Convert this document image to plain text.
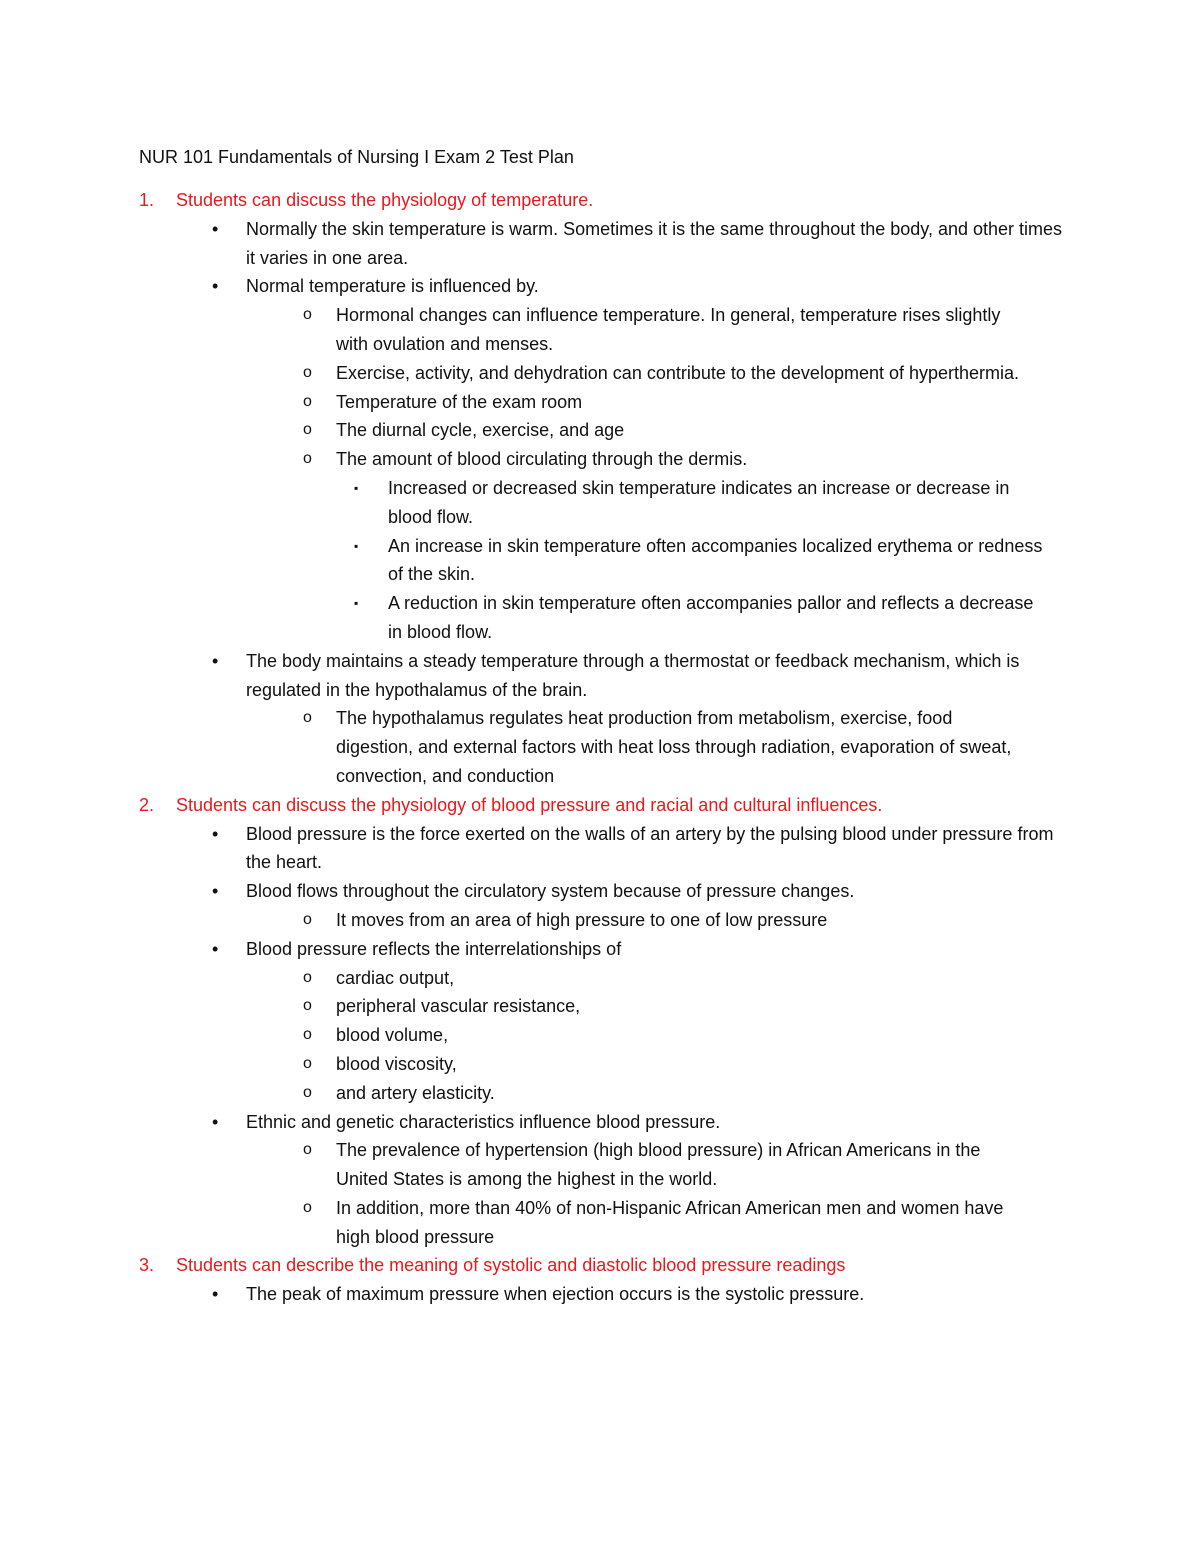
NUR 101 Fundamentals of Nursing I Exam 2 Test Plan
1. Students can discuss the physiology of temperature.
• Normally the skin temperature is warm. Sometimes it is the same throughout the body, and other times it varies in one area.
• Normal temperature is influenced by.
o Hormonal changes can influence temperature. In general, temperature rises slightly with ovulation and menses.
o Exercise, activity, and dehydration can contribute to the development of hyperthermia.
o Temperature of the exam room
o The diurnal cycle, exercise, and age
o The amount of blood circulating through the dermis.
▪ Increased or decreased skin temperature indicates an increase or decrease in blood flow.
▪ An increase in skin temperature often accompanies localized erythema or redness of the skin.
▪ A reduction in skin temperature often accompanies pallor and reflects a decrease in blood flow.
• The body maintains a steady temperature through a thermostat or feedback mechanism, which is regulated in the hypothalamus of the brain.
o The hypothalamus regulates heat production from metabolism, exercise, food digestion, and external factors with heat loss through radiation, evaporation of sweat, convection, and conduction
2. Students can discuss the physiology of blood pressure and racial and cultural influences.
• Blood pressure is the force exerted on the walls of an artery by the pulsing blood under pressure from the heart.
• Blood flows throughout the circulatory system because of pressure changes.
o It moves from an area of high pressure to one of low pressure
• Blood pressure reflects the interrelationships of
o cardiac output,
o peripheral vascular resistance,
o blood volume,
o blood viscosity,
o and artery elasticity.
• Ethnic and genetic characteristics influence blood pressure.
o The prevalence of hypertension (high blood pressure) in African Americans in the United States is among the highest in the world.
o In addition, more than 40% of non-Hispanic African American men and women have high blood pressure
3. Students can describe the meaning of systolic and diastolic blood pressure readings
• The peak of maximum pressure when ejection occurs is the systolic pressure.
